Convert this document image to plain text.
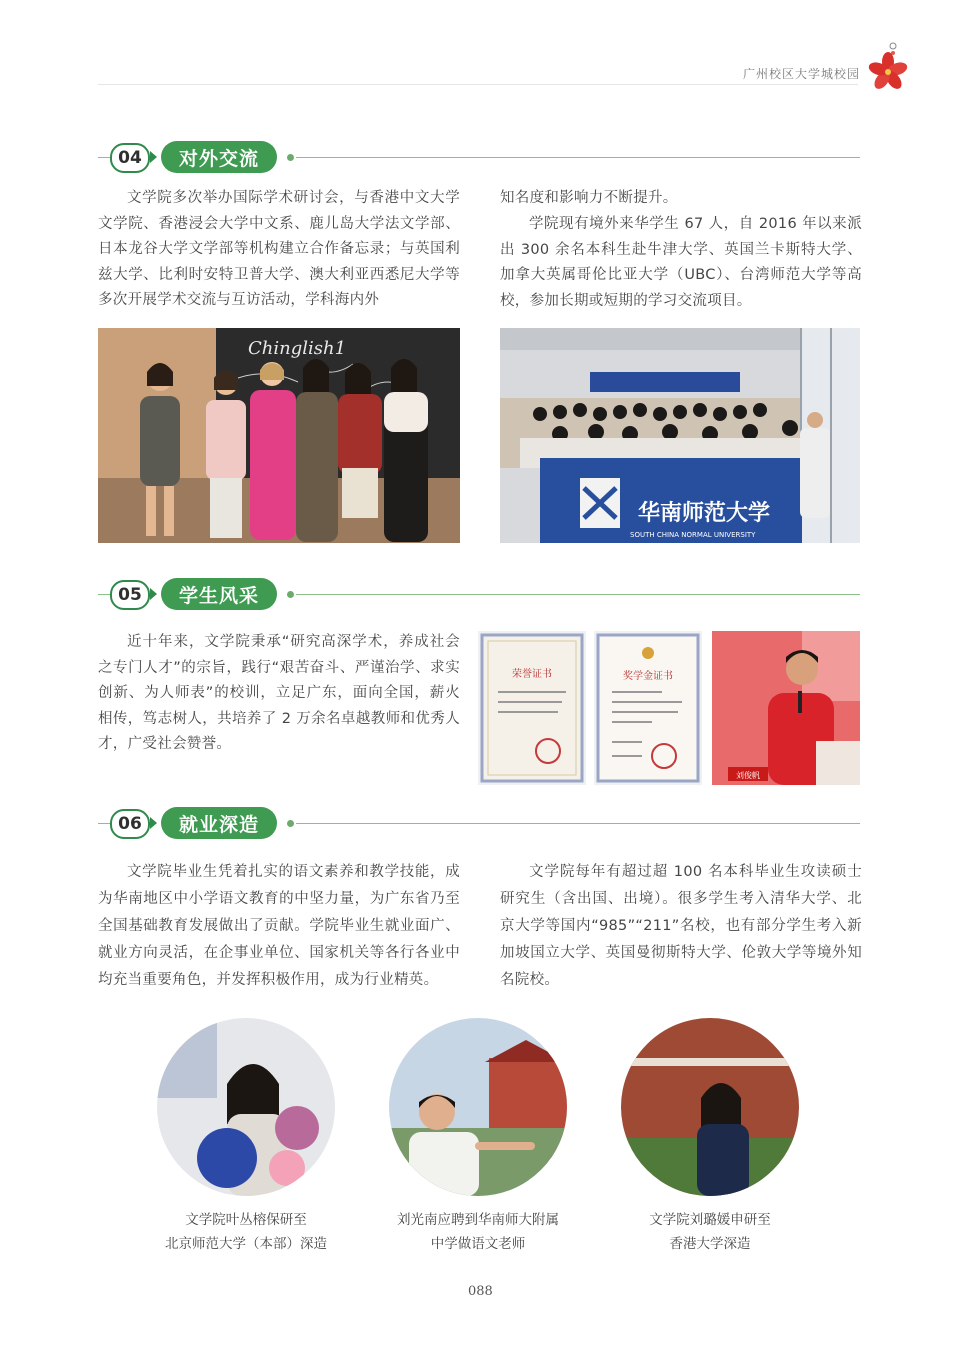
广州校区大学城校园
04	对外交流
文学院多次举办国际学术研讨会，与香港中文大学文学院、香港浸会大学中文系、鹿儿岛大学法文学部、日本龙谷大学文学部等机构建立合作备忘录；与英国利兹大学、比利时安特卫普大学、澳大利亚西悉尼大学等多次开展学术交流与互访活动，学科海内外
知名度和影响力不断提升。
学院现有境外来华学生 67 人，自 2016 年以来派出 300 余名本科生赴牛津大学、英国兰卡斯特大学、加拿大英属哥伦比亚大学（UBC）、台湾师范大学等高校，参加长期或短期的学习交流项目。
Chinglish1
华南师范大学
SOUTH CHINA NORMAL UNIVERSITY
05	学生风采
近十年来，文学院秉承“研究高深学术，养成社会之专门人才”的宗旨，践行“艰苦奋斗、严谨治学、求实创新、为人师表”的校训，立足广东，面向全国，薪火相传，笃志树人，共培养了 2 万余名卓越教师和优秀人才，广受社会赞誉。
荣誉证书	奖学金证书
刘俊帆
06	就业深造
文学院毕业生凭着扎实的语文素养和教学技能，成为华南地区中小学语文教育的中坚力量，为广东省乃至全国基础教育发展做出了贡献。学院毕业生就业面广、就业方向灵活，在企事业单位、国家机关等各行各业中均充当重要角色，并发挥积极作用，成为行业精英。
文学院每年有超过超 100 名本科毕业生攻读硕士研究生（含出国、出境）。很多学生考入清华大学、北京大学等国内“985”“211”名校，也有部分学生考入新加坡国立大学、英国曼彻斯特大学、伦敦大学等境外知名院校。
文学院叶丛榕保研至
北京师范大学（本部）深造
刘光南应聘到华南师大附属
中学做语文老师
文学院刘璐媛申研至
香港大学深造
088
